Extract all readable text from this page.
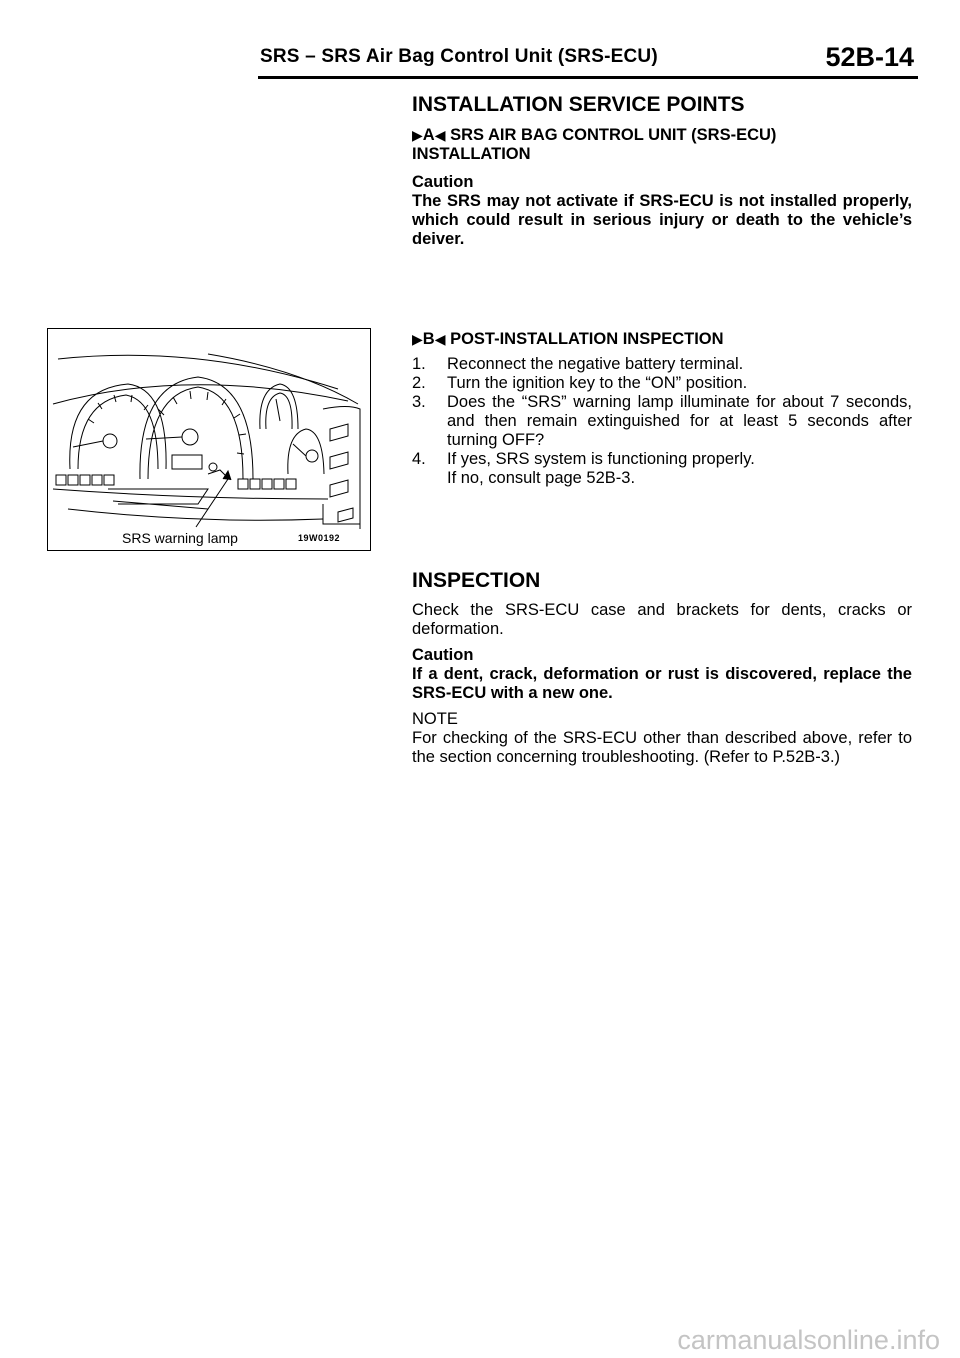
SRS – SRS Air Bag Control Unit (SRS-ECU)	52B-14
INSTALLATION SERVICE POINTS
▶A◀ SRS AIR BAG CONTROL UNIT (SRS-ECU)
INSTALLATION

Caution

The SRS may not activate if SRS-ECU is not installed properly, which could result in serious injury or death to the vehicle’s deiver.

▶B◀ POST-INSTALLATION INSPECTION
1.	Reconnect the negative battery terminal.
2.	Turn the ignition key to the “ON” position.
3.	Does the “SRS” warning lamp illuminate for about 7 seconds, and then remain extinguished for at least 5 seconds after turning OFF?
4.	If yes, SRS system is functioning properly.
If no, consult page 52B-3.
SRS warning lamp	19W0192
INSPECTION

Check the SRS-ECU case and brackets for dents, cracks or deformation.

Caution

If a dent, crack, deformation or rust is discovered, replace the SRS-ECU with a new one.

NOTE

For checking of the SRS-ECU other than described above, refer to the section concerning troubleshooting. (Refer to P.52B-3.)

carmanualsonline.info
